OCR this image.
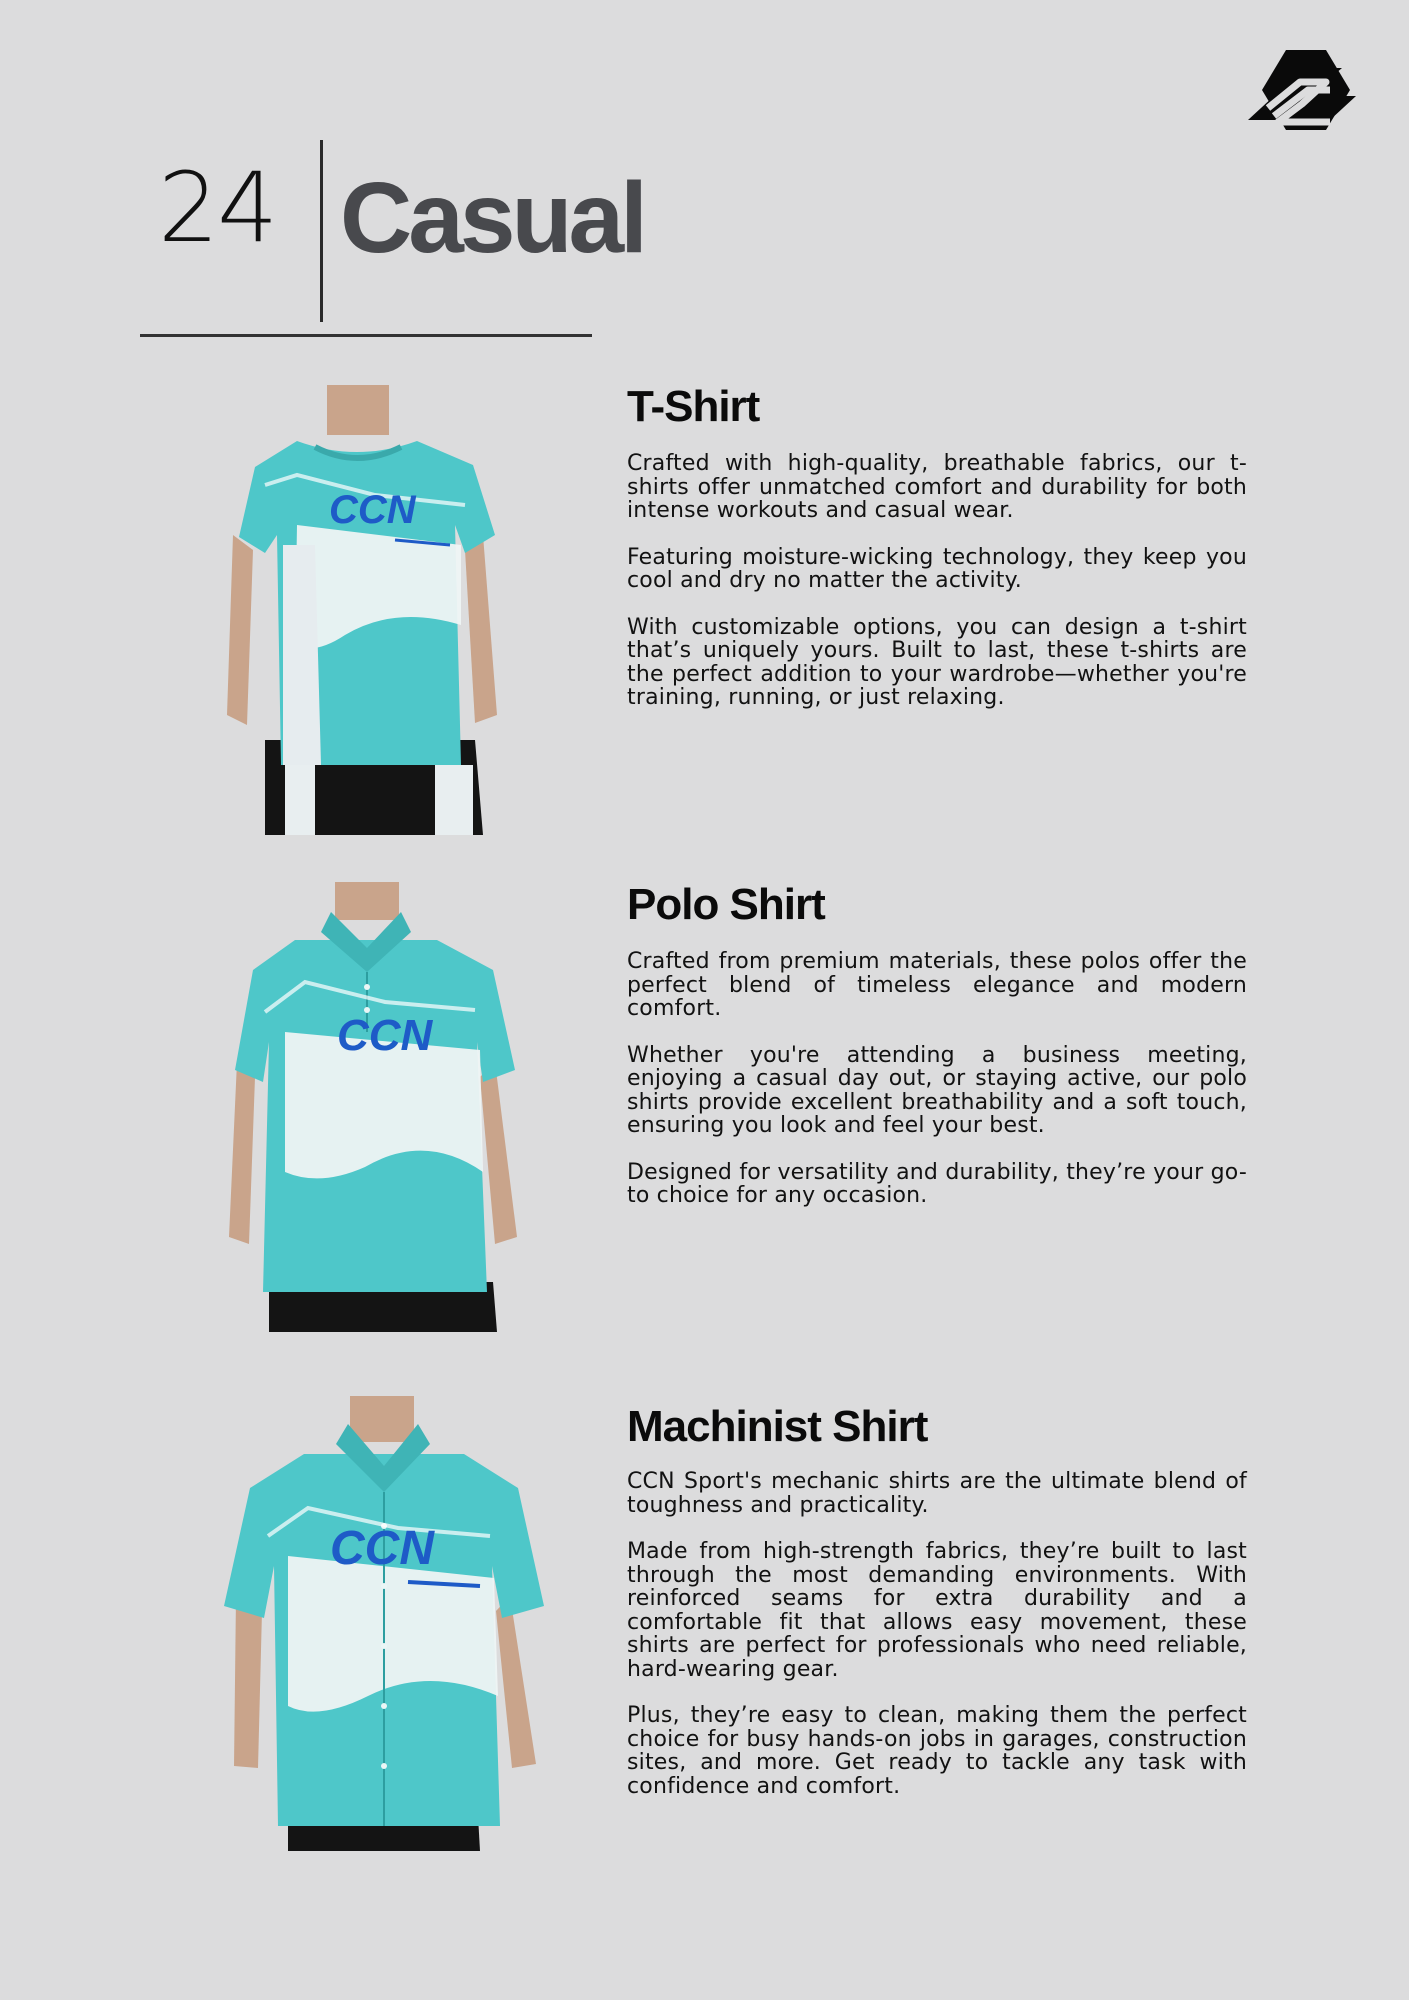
24 Casual
CCN
T-Shirt

Crafted with high-quality, breathable fabrics, our t-shirts offer unmatched comfort and durability for both intense workouts and casual wear.

Featuring moisture-wicking technology, they keep you cool and dry no matter the activity.

With customizable options, you can design a t-shirt that’s uniquely yours. Built to last, these t-shirts are the perfect addition to your wardrobe—whether you're training, running, or just relaxing.

CCN
Polo Shirt

Crafted from premium materials, these polos offer the perfect blend of timeless elegance and modern comfort.

Whether you're attending a business meeting, enjoying a casual day out, or staying active, our polo shirts provide excellent breathability and a soft touch, ensuring you look and feel your best.

Designed for versatility and durability, they’re your go-to choice for any occasion.

CCN
Machinist Shirt

CCN Sport's mechanic shirts are the ultimate blend of toughness and practicality.

Made from high-strength fabrics, they’re built to last through the most demanding environments. With reinforced seams for extra durability and a comfortable fit that allows easy movement, these shirts are perfect for professionals who need reliable, hard-wearing gear.

Plus, they’re easy to clean, making them the perfect choice for busy hands-on jobs in garages, construction sites, and more. Get ready to tackle any task with confidence and comfort.
